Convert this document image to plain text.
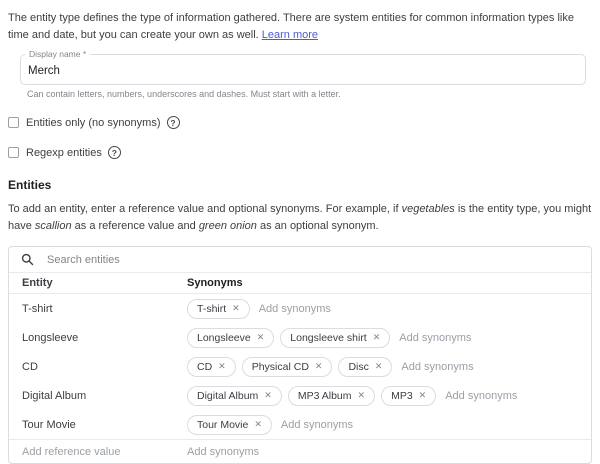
The entity type defines the type of information gathered. There are system entities for common information types like time and date, but you can create your own as well. Learn more

Display name *
Merch
Can contain letters, numbers, underscores and dashes. Must start with a letter.
Entities only (no synonyms)	?
Regexp entities	?
Entities

To add an entity, enter a reference value and optional synonyms. For example, if vegetables is the entity type, you might have scallion as a reference value and green onion as an optional synonym.

Search entities
Entity	Synonyms
T-shirt	T-shirt ✕ Add synonyms
Longsleeve	Longsleeve ✕ Longsleeve shirt ✕ Add synonyms
CD	CD ✕ Physical CD ✕ Disc ✕ Add synonyms
Digital Album	Digital Album ✕ MP3 Album ✕ MP3 ✕ Add synonyms
Tour Movie	Tour Movie ✕ Add synonyms
Add reference value	Add synonyms
